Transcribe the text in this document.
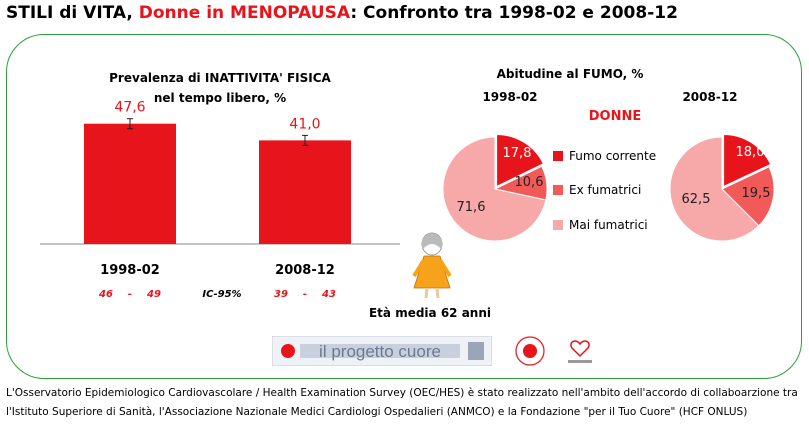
STILI di VITA, Donne in MENOPAUSA: Confronto tra 1998-02 e 2008-12
Prevalenza di INATTIVITA' FISICA
nel tempo libero, %
47,6
1998-02
46 - 49
41,0
2008-12
39 - 43
IC-95%
Abitudine al FUMO, %
1998-02	2008-12
DONNE
Fumo corrente
Ex fumatrici
Mai fumatrici
17,8
10,6
71,6
18,0
19,5
62,5
Età media 62 anni
il progetto cuore
L'Osservatorio Epidemiologico Cardiovascolare / Health Examination Survey (OEC/HES) è stato realizzato nell'ambito dell'accordo di collaboarzione tra
l'Istituto Superiore di Sanità, l'Associazione Nazionale Medici Cardiologi Ospedalieri (ANMCO) e la Fondazione "per il Tuo Cuore" (HCF ONLUS)
